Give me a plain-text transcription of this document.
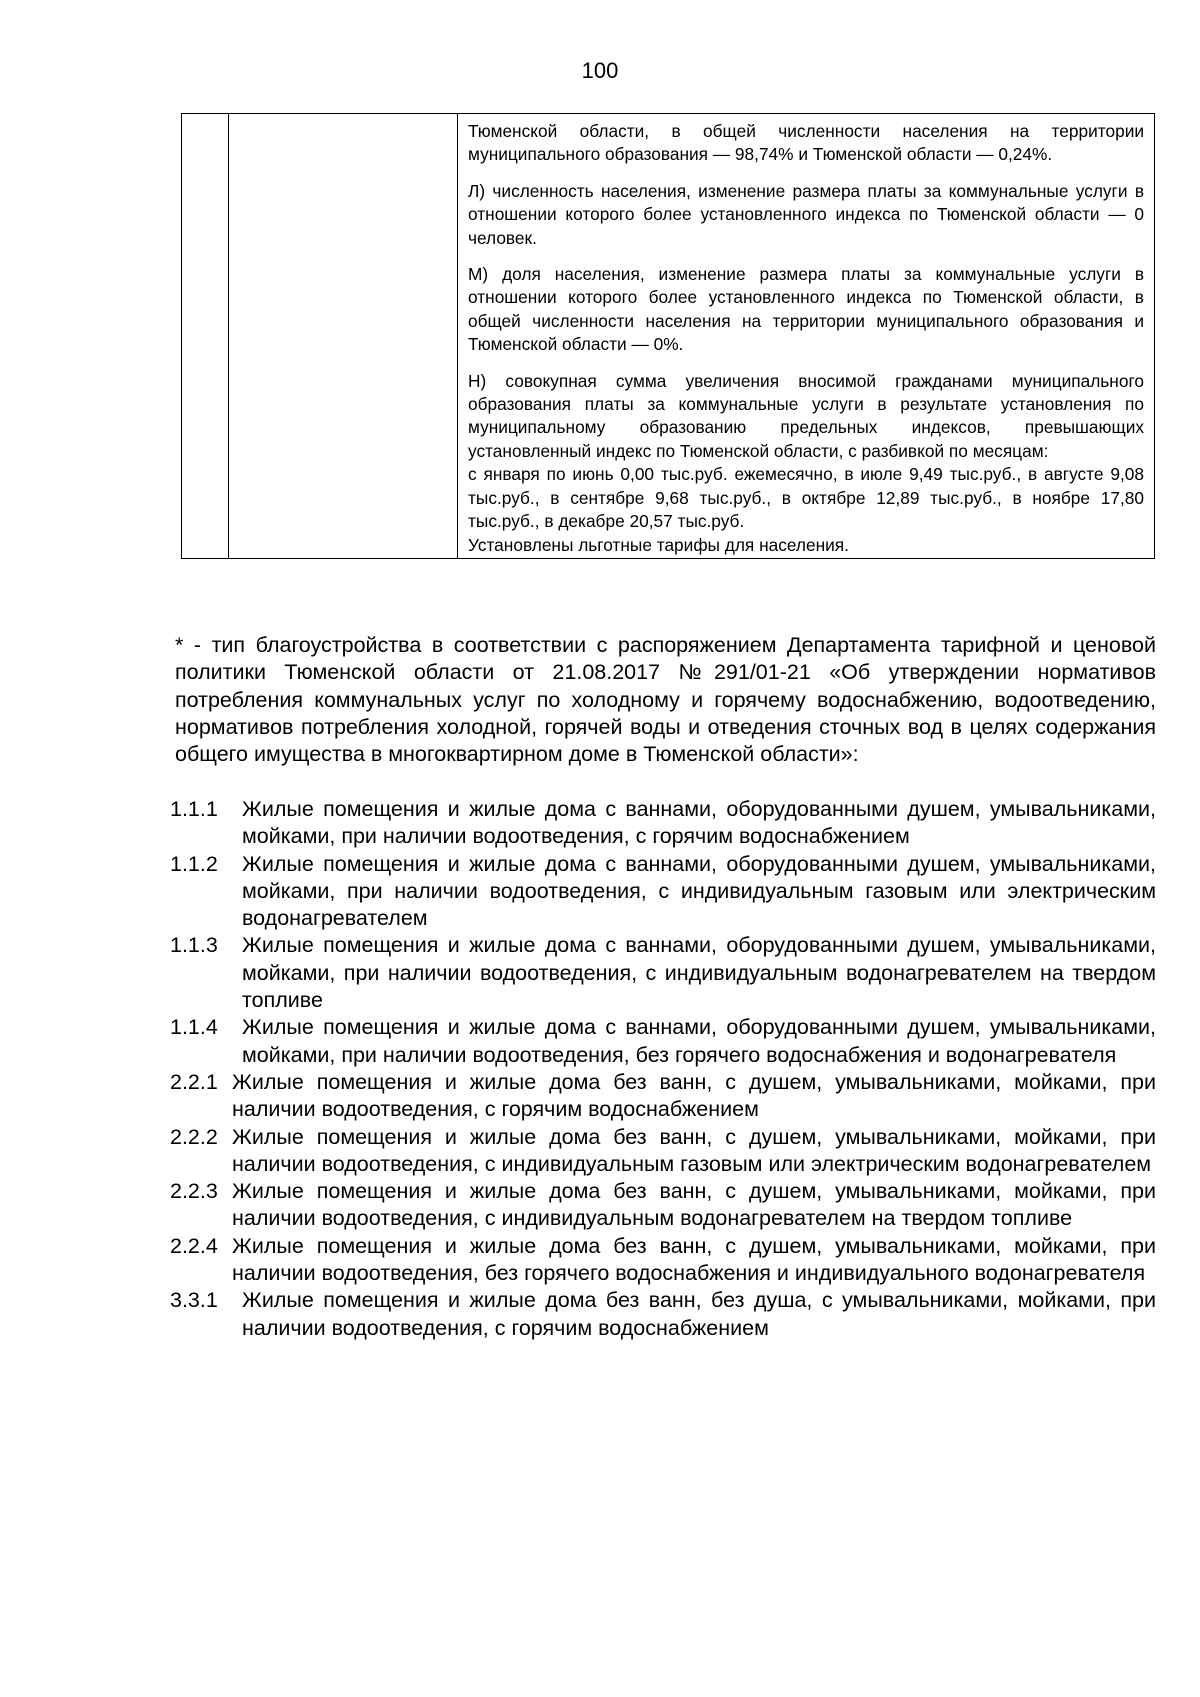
100

Тюменской области, в общей численности населения на территории муниципального образования — 98,74% и Тюменской области — 0,24%.
Л) численность населения, изменение размера платы за коммунальные услуги в отношении которого более установленного индекса по Тюменской области — 0 человек.
М) доля населения, изменение размера платы за коммунальные услуги в отношении которого более установленного индекса по Тюменской области, в общей численности населения на территории муниципального образования и Тюменской области — 0%.
Н) совокупная сумма увеличения вносимой гражданами муниципального образования платы за коммунальные услуги в результате установления по муниципальному образованию предельных индексов, превышающих установленный индекс по Тюменской области, с разбивкой по месяцам:
с января по июнь 0,00 тыс.руб. ежемесячно, в июле 9,49 тыс.руб., в августе 9,08 тыс.руб., в сентябре 9,68 тыс.руб., в октябре 12,89 тыс.руб., в ноябре 17,80 тыс.руб., в декабре 20,57 тыс.руб.
Установлены льготные тарифы для населения.
* - тип благоустройства в соответствии с распоряжением Департамента тарифной и ценовой политики Тюменской области от 21.08.2017 №291/01-21 «Об утверждении нормативов потребления коммунальных услуг по холодному и горячему водоснабжению, водоотведению, нормативов потребления холодной, горячей воды и отведения сточных вод в целях содержания общего имущества в многоквартирном доме в Тюменской области»:
1.1.1	Жилые помещения и жилые дома с ваннами, оборудованными душем, умывальниками, мойками, при наличии водоотведения, с горячим водоснабжением
1.1.2	Жилые помещения и жилые дома с ваннами, оборудованными душем, умывальниками, мойками, при наличии водоотведения, с индивидуальным газовым или электрическим водонагревателем
1.1.3	Жилые помещения и жилые дома с ваннами, оборудованными душем, умывальниками, мойками, при наличии водоотведения, с индивидуальным водонагревателем на твердом топливе
1.1.4	Жилые помещения и жилые дома с ваннами, оборудованными душем, умывальниками, мойками, при наличии водоотведения, без горячего водоснабжения и водонагревателя
2.2.1 Жилые помещения и жилые дома без ванн, с душем, умывальниками, мойками, при наличии водоотведения, с горячим водоснабжением
2.2.2 Жилые помещения и жилые дома без ванн, с душем, умывальниками, мойками, при наличии водоотведения, с индивидуальным газовым или электрическим водонагревателем
2.2.3 Жилые помещения и жилые дома без ванн, с душем, умывальниками, мойками, при наличии водоотведения, с индивидуальным водонагревателем на твердом топливе
2.2.4 Жилые помещения и жилые дома без ванн, с душем, умывальниками, мойками, при наличии водоотведения, без горячего водоснабжения и индивидуального водонагревателя
3.3.1	Жилые помещения и жилые дома без ванн, без душа, с умывальниками, мойками, при наличии водоотведения, с горячим водоснабжением
